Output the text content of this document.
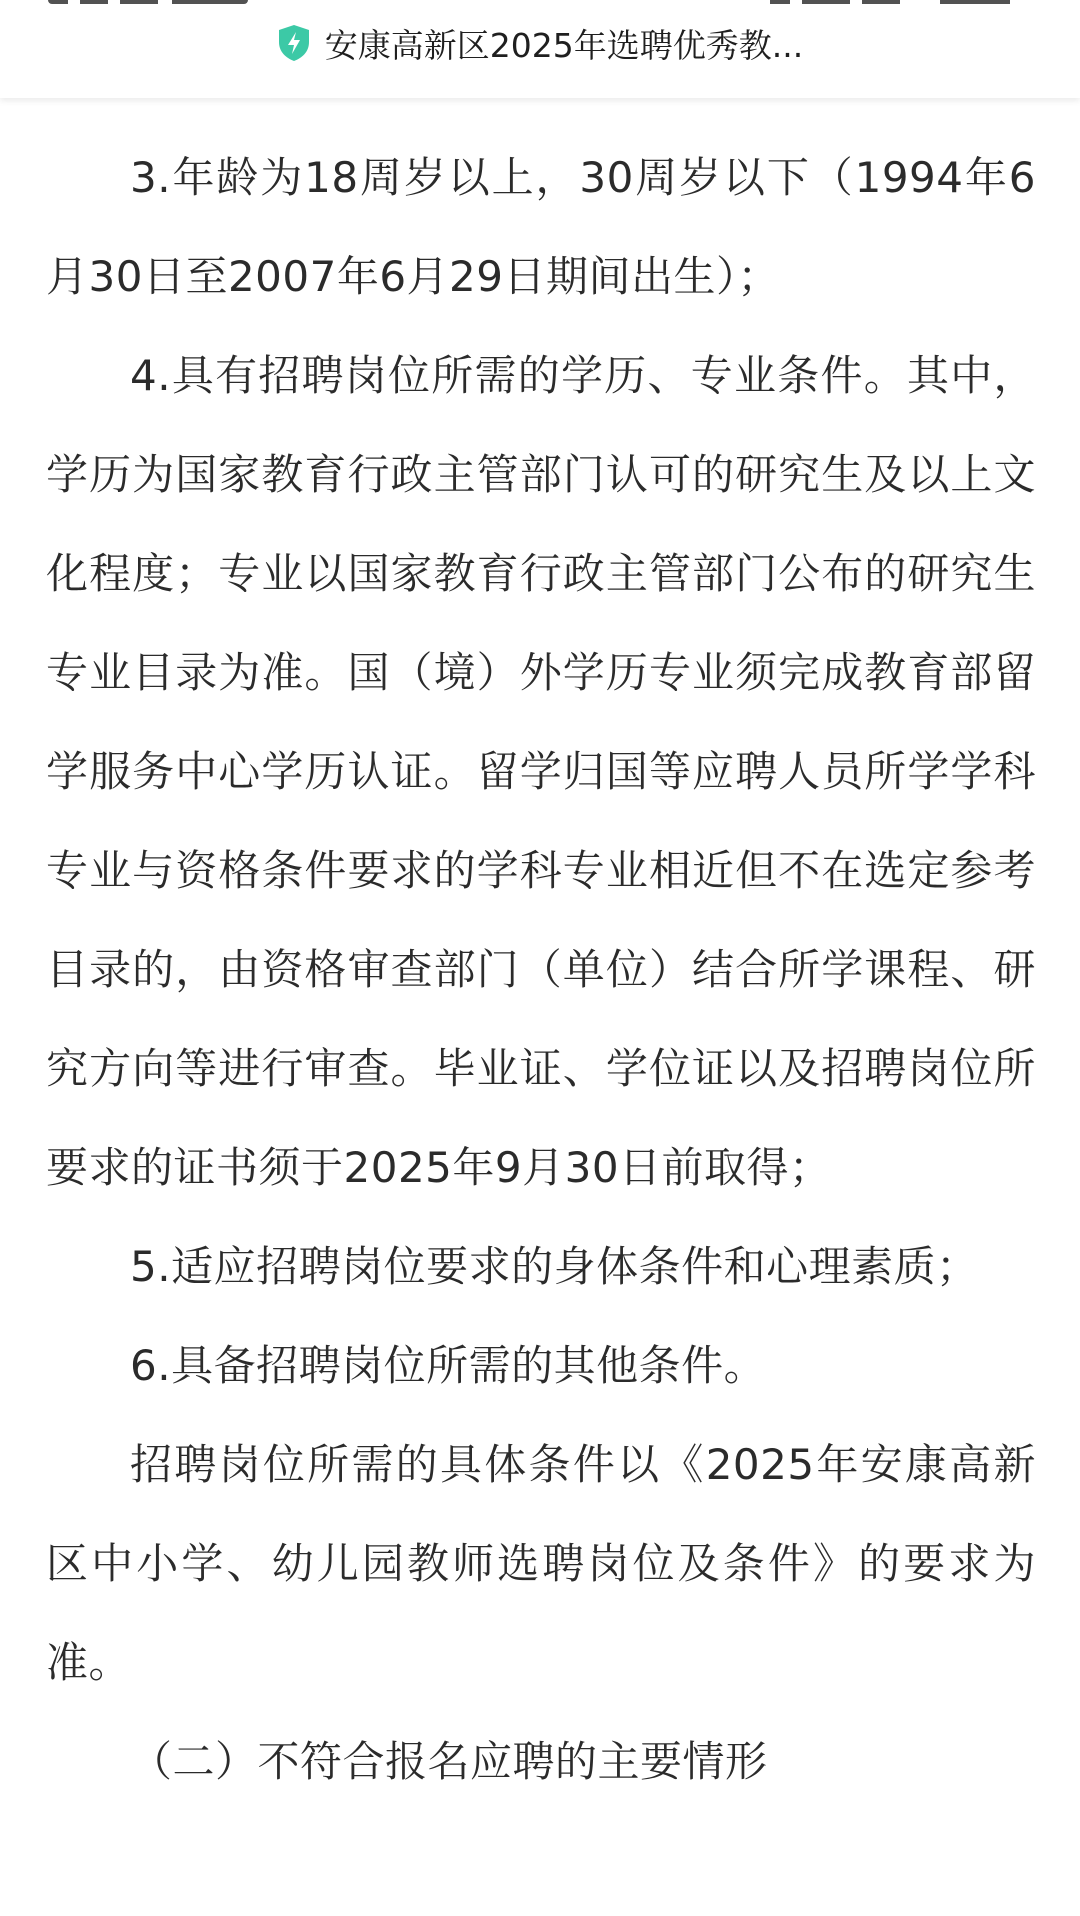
安康高新区2025年选聘优秀教...

3.年龄为18周岁以上，30周岁以下（1994年6月30日至2007年6月29日期间出生）；

4.具有招聘岗位所需的学历、专业条件。其中，学历为国家教育行政主管部门认可的研究生及以上文化程度；专业以国家教育行政主管部门公布的研究生专业目录为准。国（境）外学历专业须完成教育部留学服务中心学历认证。留学归国等应聘人员所学学科专业与资格条件要求的学科专业相近但不在选定参考目录的，由资格审查部门（单位）结合所学课程、研究方向等进行审查。毕业证、学位证以及招聘岗位所要求的证书须于2025年9月30日前取得；

5.适应招聘岗位要求的身体条件和心理素质；

6.具备招聘岗位所需的其他条件。

招聘岗位所需的具体条件以《2025年安康高新区中小学、幼儿园教师选聘岗位及条件》的要求为准。

（二）不符合报名应聘的主要情形
